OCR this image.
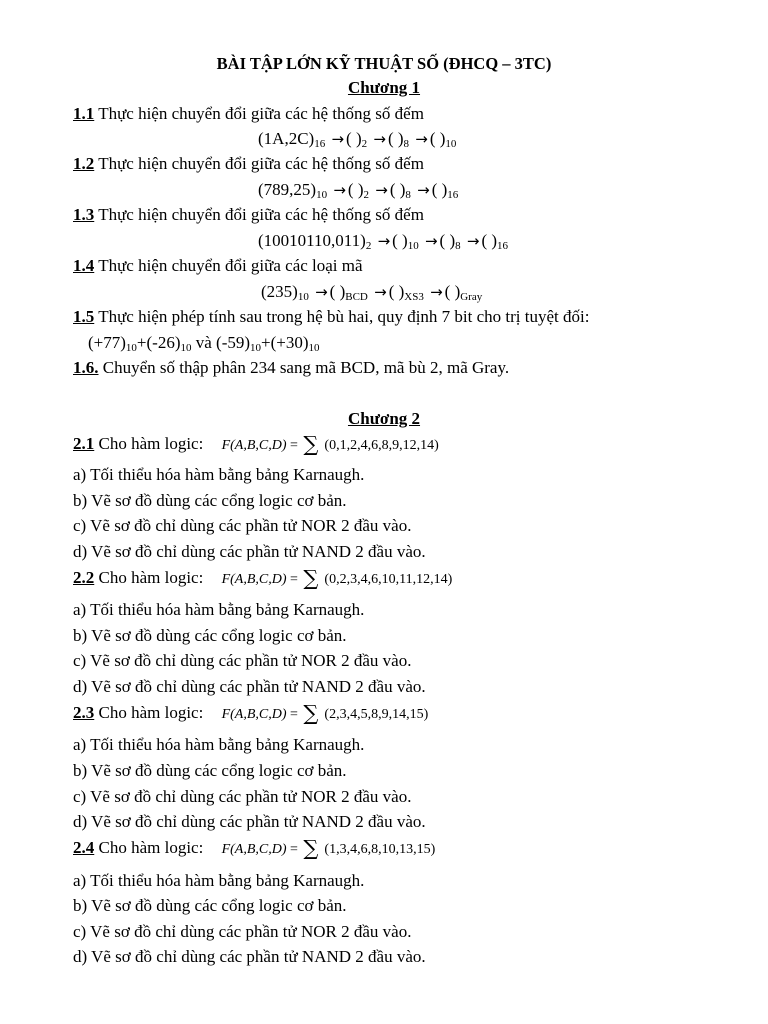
BÀI TẬP LỚN KỸ THUẬT SỐ (ĐHCQ – 3TC)
Chương 1
1.1 Thực hiện chuyển đổi giữa các hệ thống số đếm
$(1A,2C)_{16}$ → ( )$_2$ → ( )$_8$ → ( )$_{10}$
1.2 Thực hiện chuyển đổi giữa các hệ thống số đếm
$(789,25)_{10}$ → ( )$_2$ → ( )$_8$ → ( )$_{16}$
1.3 Thực hiện chuyển đổi giữa các hệ thống số đếm
$(10010110,011)_2$ → ( )$_{10}$ → ( )$_8$ → ( )$_{16}$
1.4 Thực hiện chuyển đổi giữa các loại mã
$(235)_{10}$ → ( )$_{BCD}$ → ( )$_{XS3}$ → ( )$_{Gray}$
1.5 Thực hiện phép tính sau trong hệ bù hai, quy định 7 bit cho trị tuyệt đối:
$(+77)_{10}+(-26)_{10}$ và $(-59)_{10}+(+30)_{10}$
1.6. Chuyển số thập phân 234 sang mã BCD, mã bù 2, mã Gray.
Chương 2
2.1 Cho hàm logic: F(A,B,C,D) = ∑ (0,1,2,4,6,8,9,12,14)
a) Tối thiểu hóa hàm bằng bảng Karnaugh.
b) Vẽ sơ đồ dùng các cổng logic cơ bản.
c) Vẽ sơ đồ chỉ dùng các phần tử NOR 2 đầu vào.
d) Vẽ sơ đồ chỉ dùng các phần tử NAND 2 đầu vào.
2.2 Cho hàm logic: F(A,B,C,D) = ∑ (0,2,3,4,6,10,11,12,14)
a) Tối thiểu hóa hàm bằng bảng Karnaugh.
b) Vẽ sơ đồ dùng các cổng logic cơ bản.
c) Vẽ sơ đồ chỉ dùng các phần tử NOR 2 đầu vào.
d) Vẽ sơ đồ chỉ dùng các phần tử NAND 2 đầu vào.
2.3 Cho hàm logic: F(A,B,C,D) = ∑ (2,3,4,5,8,9,14,15)
a) Tối thiểu hóa hàm bằng bảng Karnaugh.
b) Vẽ sơ đồ dùng các cổng logic cơ bản.
c) Vẽ sơ đồ chỉ dùng các phần tử NOR 2 đầu vào.
d) Vẽ sơ đồ chỉ dùng các phần tử NAND 2 đầu vào.
2.4 Cho hàm logic: F(A,B,C,D) = ∑ (1,3,4,6,8,10,13,15)
a) Tối thiểu hóa hàm bằng bảng Karnaugh.
b) Vẽ sơ đồ dùng các cổng logic cơ bản.
c) Vẽ sơ đồ chỉ dùng các phần tử NOR 2 đầu vào.
d) Vẽ sơ đồ chỉ dùng các phần tử NAND 2 đầu vào.
